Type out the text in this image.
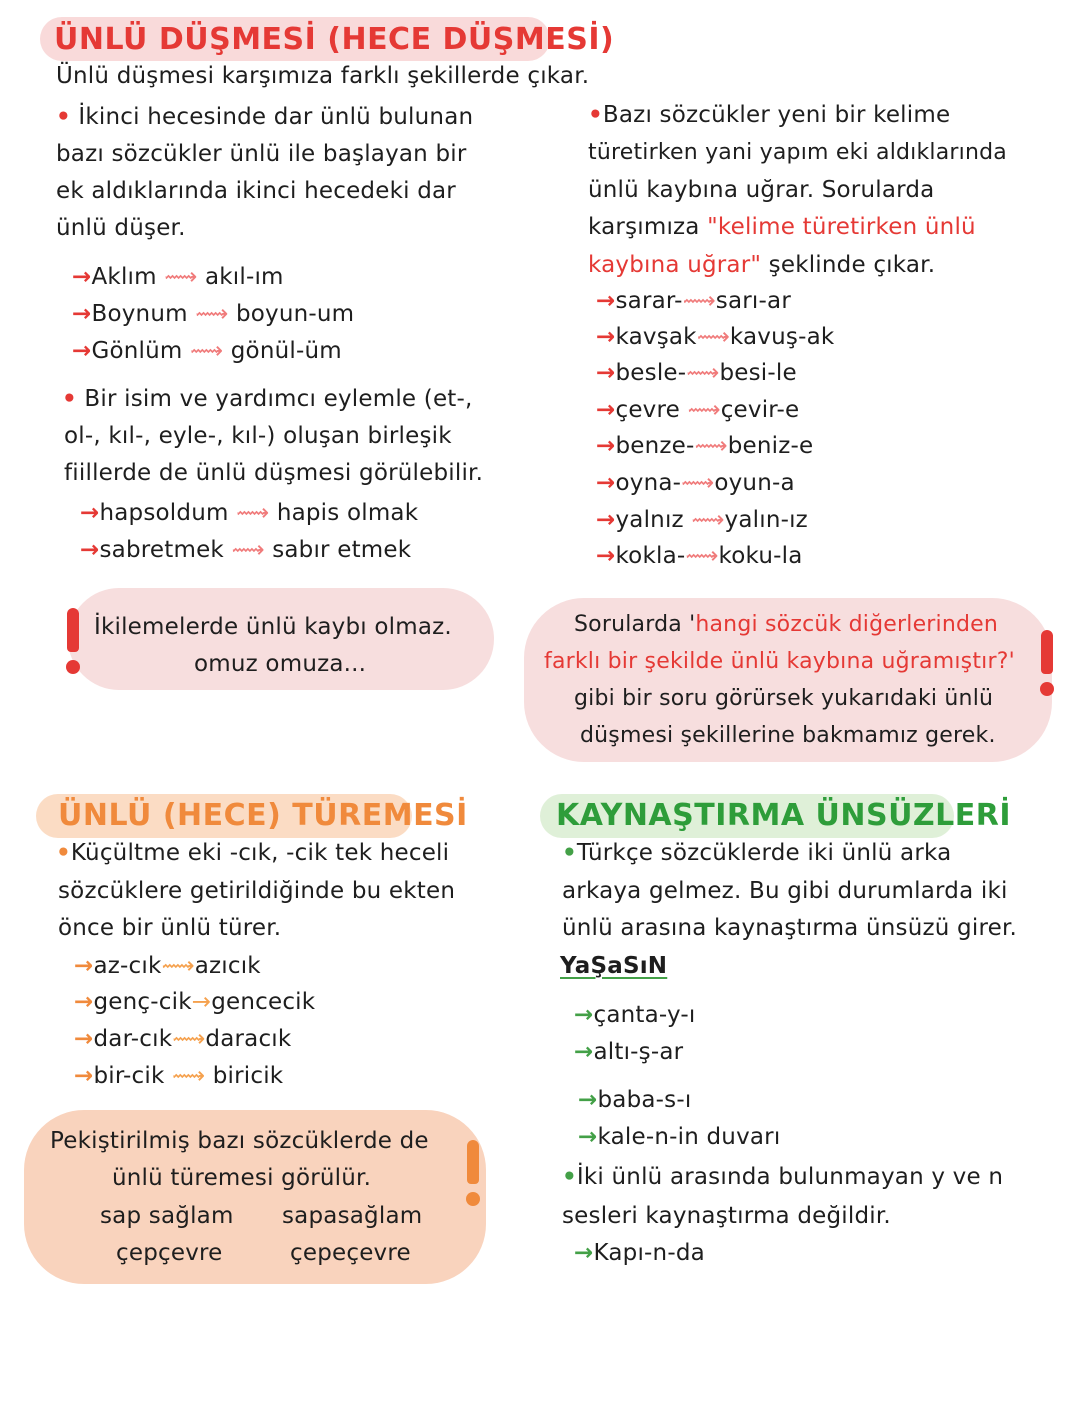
ÜNLÜ DÜŞMESİ (HECE DÜŞMESİ)
Ünlü düşmesi karşımıza farklı şekillerde çıkar.
• İkinci hecesinde dar ünlü bulunan
bazı sözcükler ünlü ile başlayan bir
ek aldıklarında ikinci hecedeki dar
ünlü düşer.
→Aklım ⟿ akıl-ım
→Boynum ⟿ boyun-um
→Gönlüm ⟿ gönül-üm
• Bir isim ve yardımcı eylemle (et-,
ol-, kıl-, eyle-, kıl-) oluşan birleşik
fiillerde de ünlü düşmesi görülebilir.
→hapsoldum ⟿ hapis olmak
→sabretmek ⟿ sabır etmek
•Bazı sözcükler yeni bir kelime
türetirken yani yapım eki aldıklarında
ünlü kaybına uğrar. Sorularda
karşımıza "kelime türetirken ünlü
kaybına uğrar" şeklinde çıkar.
→sarar-⟿sarı-ar
→kavşak⟿kavuş-ak
→besle-⟿besi-le
→çevre ⟿çevir-e
→benze-⟿beniz-e
→oyna-⟿oyun-a
→yalnız ⟿yalın-ız
→kokla-⟿koku-la
İkilemelerde ünlü kaybı olmaz.
omuz omuza...
Sorularda 'hangi sözcük diğerlerinden
farklı bir şekilde ünlü kaybına uğramıştır?'
gibi bir soru görürsek yukarıdaki ünlü
düşmesi şekillerine bakmamız gerek.
ÜNLÜ (HECE) TÜREMESİ
•Küçültme eki -cık, -cik tek heceli
sözcüklere getirildiğinde bu ekten
önce bir ünlü türer.
→az-cık⟿azıcık
→genç-cik→gencecik
→dar-cık⟿daracık
→bir-cik ⟿ biricik
Pekiştirilmiş bazı sözcüklerde de
ünlü türemesi görülür.
sap sağlam sapasağlam
çepçevre	çepeçevre
KAYNAŞTIRMA ÜNSÜZLERİ
•Türkçe sözcüklerde iki ünlü arka
arkaya gelmez. Bu gibi durumlarda iki
ünlü arasına kaynaştırma ünsüzü girer.
YaŞaSıN
→çanta-y-ı
→altı-ş-ar
→baba-s-ı
→kale-n-in duvarı
•İki ünlü arasında bulunmayan y ve n
sesleri kaynaştırma değildir.
→Kapı-n-da
